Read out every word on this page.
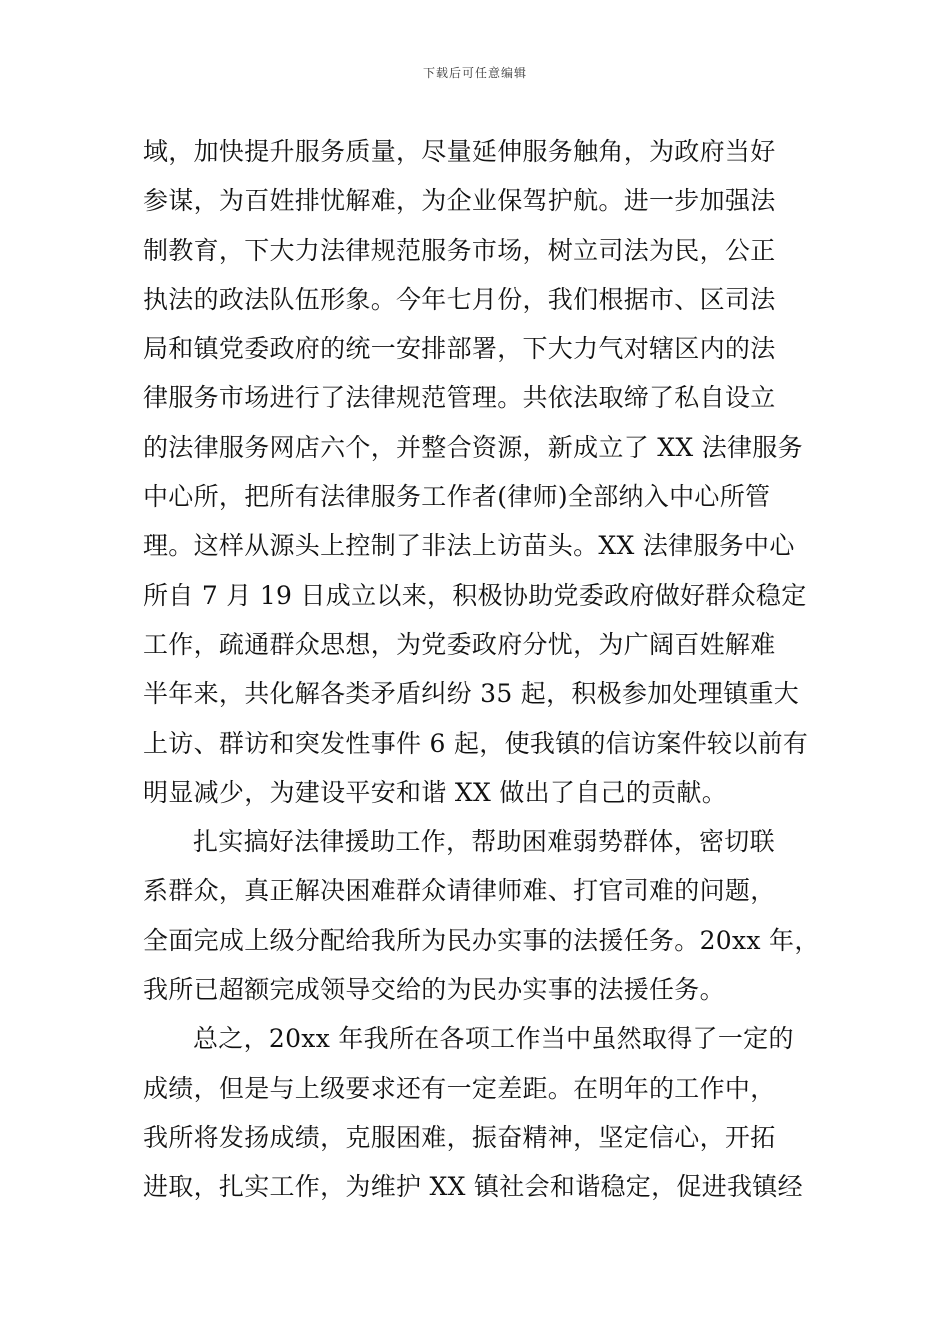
下载后可任意编辑
域，加快提升服务质量，尽量延伸服务触角，为政府当好
参谋，为百姓排忧解难，为企业保驾护航。进一步加强法
制教育，下大力法律规范服务市场，树立司法为民，公正
执法的政法队伍形象。今年七月份，我们根据市、区司法
局和镇党委政府的统一安排部署，下大力气对辖区内的法
律服务市场进行了法律规范管理。共依法取缔了私自设立
的法律服务网店六个，并整合资源，新成立了 XX 法律服务
中心所，把所有法律服务工作者(律师)全部纳入中心所管
理。这样从源头上控制了非法上访苗头。XX 法律服务中心
所自 7 月 19 日成立以来，积极协助党委政府做好群众稳定
工作，疏通群众思想，为党委政府分忧，为广阔百姓解难
半年来，共化解各类矛盾纠纷 35 起，积极参加处理镇重大
上访、群访和突发性事件 6 起，使我镇的信访案件较以前有
明显减少，为建设平安和谐 XX 做出了自己的贡献。
扎实搞好法律援助工作，帮助困难弱势群体，密切联
系群众，真正解决困难群众请律师难、打官司难的问题，
全面完成上级分配给我所为民办实事的法援任务。20xx 年，
我所已超额完成领导交给的为民办实事的法援任务。
总之，20xx 年我所在各项工作当中虽然取得了一定的
成绩，但是与上级要求还有一定差距。在明年的工作中，
我所将发扬成绩，克服困难，振奋精神，坚定信心，开拓
进取，扎实工作，为维护 XX 镇社会和谐稳定，促进我镇经
